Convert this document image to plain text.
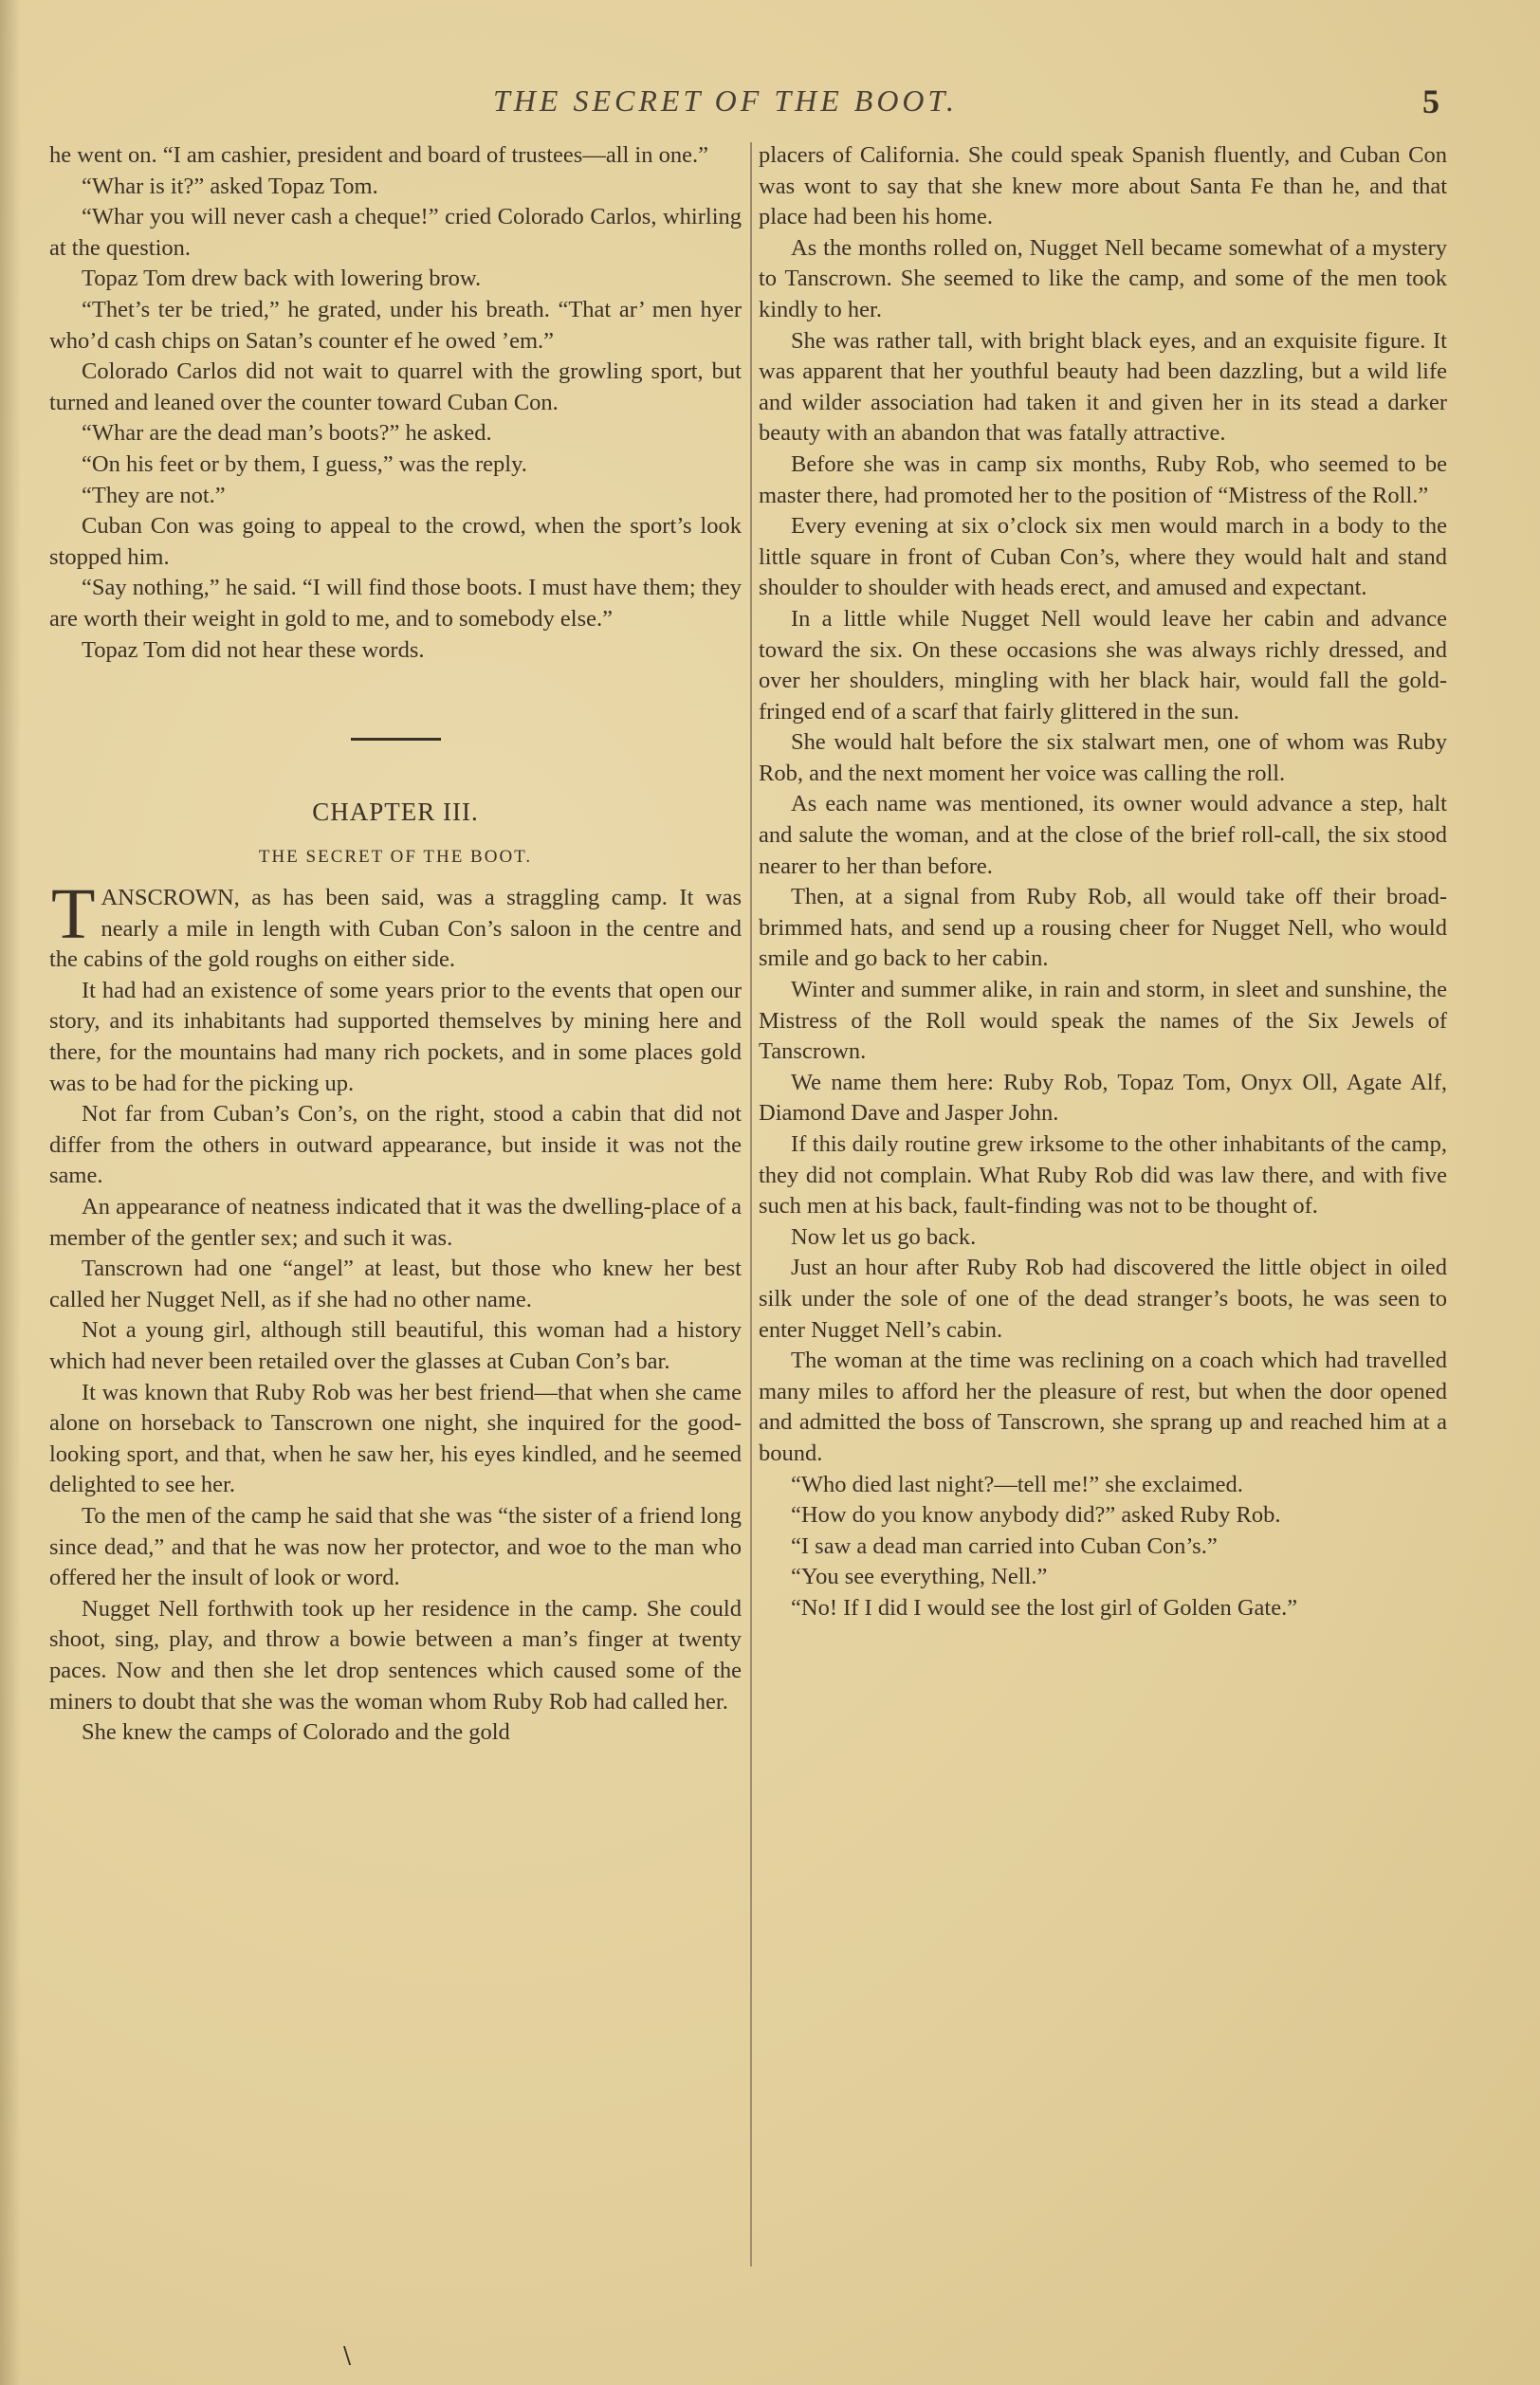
THE SECRET OF THE BOOT.	5

he went on. “I am cashier, president and board of trustees—all in one.”

“Whar is it?” asked Topaz Tom.

“Whar you will never cash a cheque!” cried Colorado Carlos, whirling at the question.

Topaz Tom drew back with lowering brow.

“Thet’s ter be tried,” he grated, under his breath. “That ar’ men hyer who’d cash chips on Satan’s counter ef he owed ’em.”

Colorado Carlos did not wait to quarrel with the growling sport, but turned and leaned over the counter toward Cuban Con.

“Whar are the dead man’s boots?” he asked.

“On his feet or by them, I guess,” was the reply.

“They are not.”

Cuban Con was going to appeal to the crowd, when the sport’s look stopped him.

“Say nothing,” he said. “I will find those boots. I must have them; they are worth their weight in gold to me, and to somebody else.”

Topaz Tom did not hear these words.

CHAPTER III.
THE SECRET OF THE BOOT.

TANSCROWN, as has been said, was a straggling camp. It was nearly a mile in length with Cuban Con’s saloon in the centre and the cabins of the gold roughs on either side.

It had had an existence of some years prior to the events that open our story, and its inhabitants had supported themselves by mining here and there, for the mountains had many rich pockets, and in some places gold was to be had for the picking up.

Not far from Cuban’s Con’s, on the right, stood a cabin that did not differ from the others in outward appearance, but inside it was not the same.

An appearance of neatness indicated that it was the dwelling-place of a member of the gentler sex; and such it was.

Tanscrown had one “angel” at least, but those who knew her best called her Nugget Nell, as if she had no other name.

Not a young girl, although still beautiful, this woman had a history which had never been retailed over the glasses at Cuban Con’s bar.

It was known that Ruby Rob was her best friend—that when she came alone on horseback to Tanscrown one night, she inquired for the good-looking sport, and that, when he saw her, his eyes kindled, and he seemed delighted to see her.

To the men of the camp he said that she was “the sister of a friend long since dead,” and that he was now her protector, and woe to the man who offered her the insult of look or word.

Nugget Nell forthwith took up her residence in the camp. She could shoot, sing, play, and throw a bowie between a man’s finger at twenty paces. Now and then she let drop sentences which caused some of the miners to doubt that she was the woman whom Ruby Rob had called her.

She knew the camps of Colorado and the gold

placers of California. She could speak Spanish fluently, and Cuban Con was wont to say that she knew more about Santa Fe than he, and that place had been his home.

As the months rolled on, Nugget Nell became somewhat of a mystery to Tanscrown. She seemed to like the camp, and some of the men took kindly to her.

She was rather tall, with bright black eyes, and an exquisite figure. It was apparent that her youthful beauty had been dazzling, but a wild life and wilder association had taken it and given her in its stead a darker beauty with an abandon that was fatally attractive.

Before she was in camp six months, Ruby Rob, who seemed to be master there, had promoted her to the position of “Mistress of the Roll.”

Every evening at six o’clock six men would march in a body to the little square in front of Cuban Con’s, where they would halt and stand shoulder to shoulder with heads erect, and amused and expectant.

In a little while Nugget Nell would leave her cabin and advance toward the six. On these occasions she was always richly dressed, and over her shoulders, mingling with her black hair, would fall the gold-fringed end of a scarf that fairly glittered in the sun.

She would halt before the six stalwart men, one of whom was Ruby Rob, and the next moment her voice was calling the roll.

As each name was mentioned, its owner would advance a step, halt and salute the woman, and at the close of the brief roll-call, the six stood nearer to her than before.

Then, at a signal from Ruby Rob, all would take off their broad-brimmed hats, and send up a rousing cheer for Nugget Nell, who would smile and go back to her cabin.

Winter and summer alike, in rain and storm, in sleet and sunshine, the Mistress of the Roll would speak the names of the Six Jewels of Tanscrown.

We name them here: Ruby Rob, Topaz Tom, Onyx Oll, Agate Alf, Diamond Dave and Jasper John.

If this daily routine grew irksome to the other inhabitants of the camp, they did not complain. What Ruby Rob did was law there, and with five such men at his back, fault-finding was not to be thought of.

Now let us go back.

Just an hour after Ruby Rob had discovered the little object in oiled silk under the sole of one of the dead stranger’s boots, he was seen to enter Nugget Nell’s cabin.

The woman at the time was reclining on a coach which had travelled many miles to afford her the pleasure of rest, but when the door opened and admitted the boss of Tanscrown, she sprang up and reached him at a bound.

“Who died last night?—tell me!” she exclaimed.

“How do you know anybody did?” asked Ruby Rob.

“I saw a dead man carried into Cuban Con’s.”

“You see everything, Nell.”

“No! If I did I would see the lost girl of Golden Gate.”

\
